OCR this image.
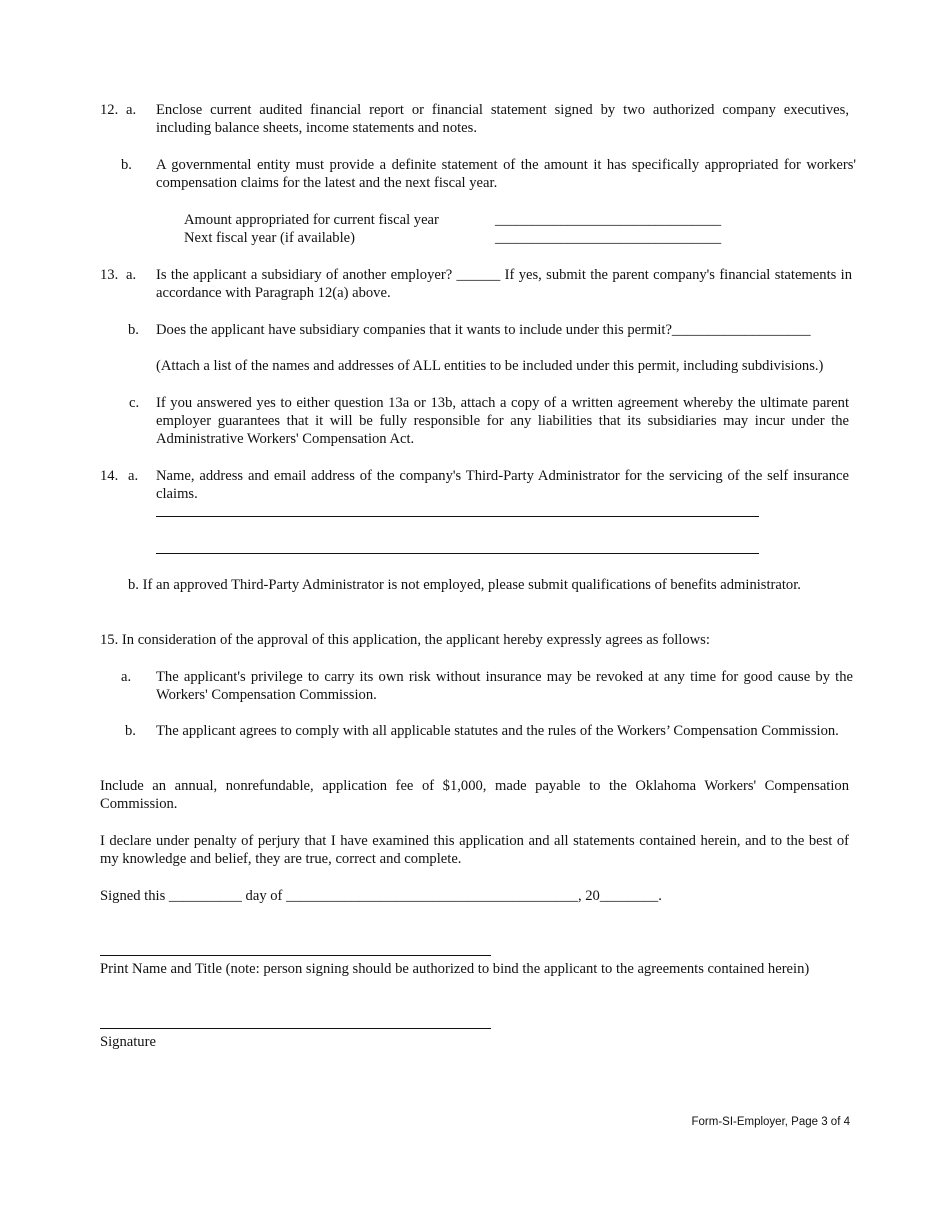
12. a. Enclose current audited financial report or financial statement signed by two authorized company executives, including balance sheets, income statements and notes.
b. A governmental entity must provide a definite statement of the amount it has specifically appropriated for workers' compensation claims for the latest and the next fiscal year.
Amount appropriated for current fiscal year	_______________________________
Next fiscal year (if available)	_______________________________
13. a. Is the applicant a subsidiary of another employer? ______ If yes, submit the parent company's financial statements in accordance with Paragraph 12(a) above.
b. Does the applicant have subsidiary companies that it wants to include under this permit?___________________
(Attach a list of the names and addresses of ALL entities to be included under this permit, including subdivisions.)
c. If you answered yes to either question 13a or 13b, attach a copy of a written agreement whereby the ultimate parent employer guarantees that it will be fully responsible for any liabilities that its subsidiaries may incur under the Administrative Workers' Compensation Act.
14. a. Name, address and email address of the company's Third-Party Administrator for the servicing of the self insurance claims.
b. If an approved Third-Party Administrator is not employed, please submit qualifications of benefits administrator.
15. In consideration of the approval of this application, the applicant hereby expressly agrees as follows:
a. The applicant's privilege to carry its own risk without insurance may be revoked at any time for good cause by the Workers' Compensation Commission.
b. The applicant agrees to comply with all applicable statutes and the rules of the Workers’ Compensation Commission.
Include an annual, nonrefundable, application fee of $1,000, made payable to the Oklahoma Workers' Compensation Commission.
I declare under penalty of perjury that I have examined this application and all statements contained herein, and to the best of my knowledge and belief, they are true, correct and complete.
Signed this __________ day of ________________________________________, 20________.
Print Name and Title (note: person signing should be authorized to bind the applicant to the agreements contained herein)
Signature
Form-SI-Employer, Page 3 of 4
